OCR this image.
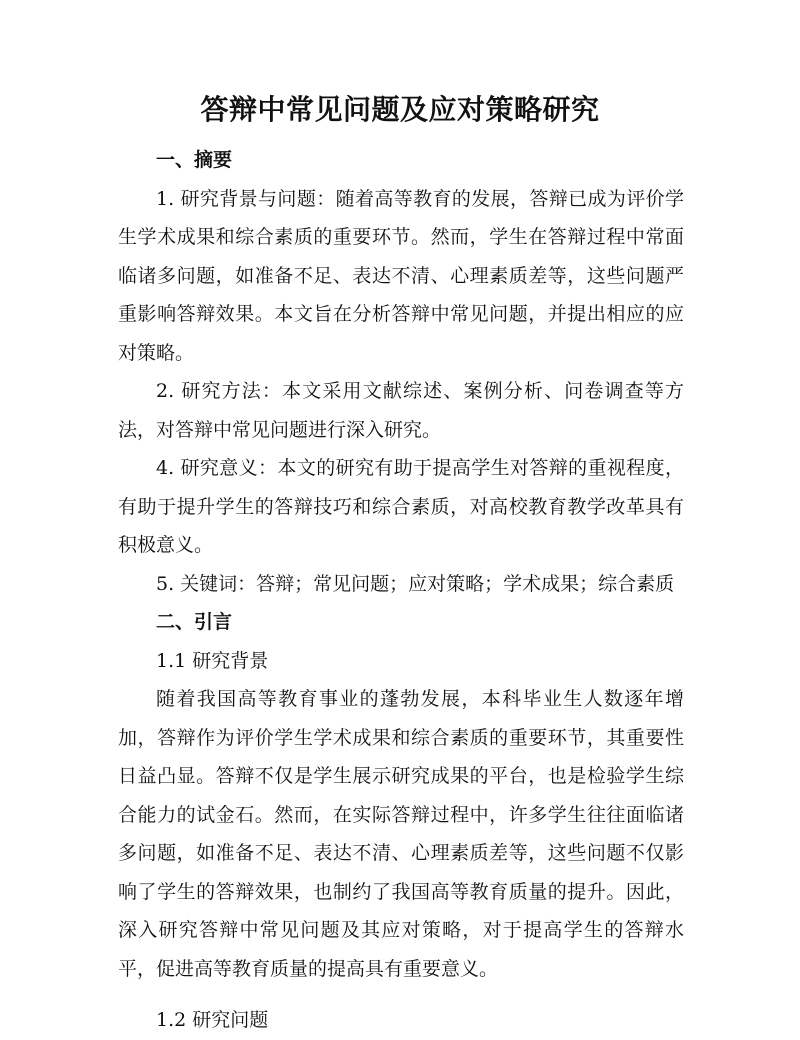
答辩中常见问题及应对策略研究

一、摘要

1. 研究背景与问题：随着高等教育的发展，答辩已成为评价学生学术成果和综合素质的重要环节。然而，学生在答辩过程中常面临诸多问题，如准备不足、表达不清、心理素质差等，这些问题严重影响答辩效果。本文旨在分析答辩中常见问题，并提出相应的应对策略。

2. 研究方法：本文采用文献综述、案例分析、问卷调查等方法，对答辩中常见问题进行深入研究。

4. 研究意义：本文的研究有助于提高学生对答辩的重视程度，有助于提升学生的答辩技巧和综合素质，对高校教育教学改革具有积极意义。

5. 关键词：答辩；常见问题；应对策略；学术成果；综合素质

二、引言

1.1 研究背景

随着我国高等教育事业的蓬勃发展，本科毕业生人数逐年增加，答辩作为评价学生学术成果和综合素质的重要环节，其重要性日益凸显。答辩不仅是学生展示研究成果的平台，也是检验学生综合能力的试金石。然而，在实际答辩过程中，许多学生往往面临诸多问题，如准备不足、表达不清、心理素质差等，这些问题不仅影响了学生的答辩效果，也制约了我国高等教育质量的提升。因此，深入研究答辩中常见问题及其应对策略，对于提高学生的答辩水平，促进高等教育质量的提高具有重要意义。

1.2 研究问题
